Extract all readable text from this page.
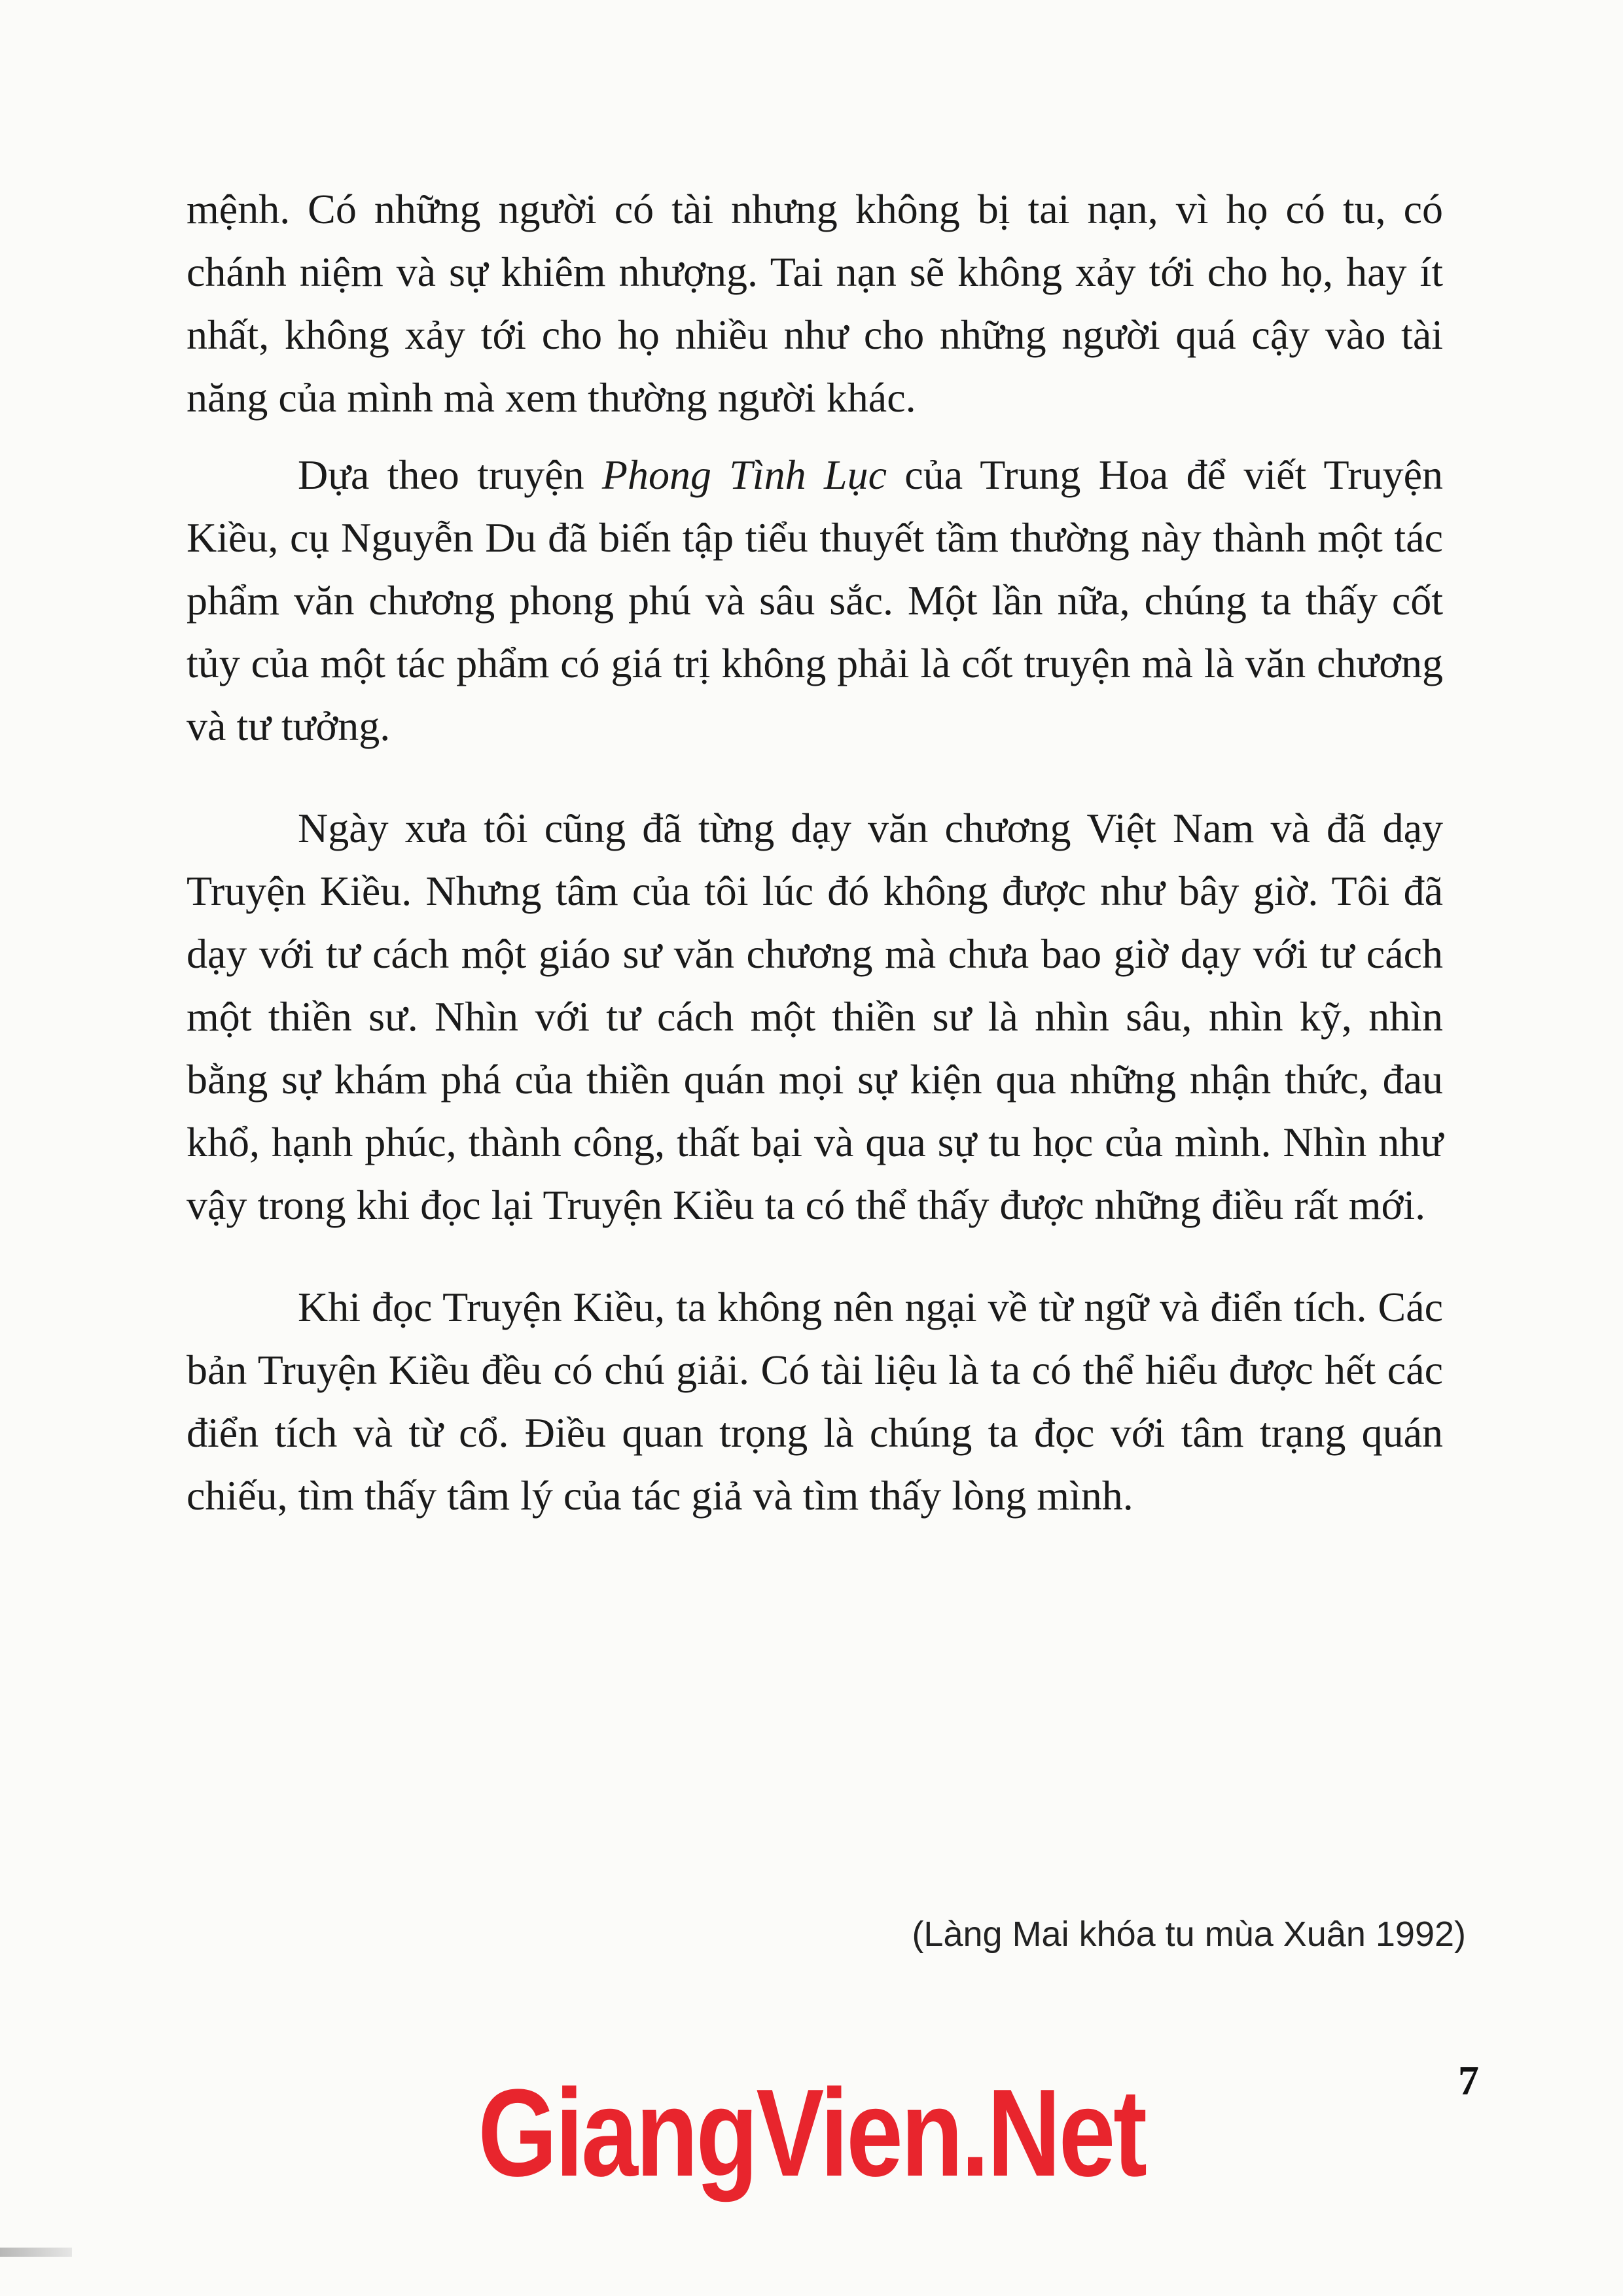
mệnh. Có những người có tài nhưng không bị tai nạn, vì họ có tu, có chánh niệm và sự khiêm nhượng. Tai nạn sẽ không xảy tới cho họ, hay ít nhất, không xảy tới cho họ nhiều như cho những người quá cậy vào tài năng của mình mà xem thường người khác.

Dựa theo truyện Phong Tình Lục của Trung Hoa để viết Truyện Kiều, cụ Nguyễn Du đã biến tập tiểu thuyết tầm thường này thành một tác phẩm văn chương phong phú và sâu sắc. Một lần nữa, chúng ta thấy cốt tủy của một tác phẩm có giá trị không phải là cốt truyện mà là văn chương và tư tưởng.

Ngày xưa tôi cũng đã từng dạy văn chương Việt Nam và đã dạy Truyện Kiều. Nhưng tâm của tôi lúc đó không được như bây giờ. Tôi đã dạy với tư cách một giáo sư văn chương mà chưa bao giờ dạy với tư cách một thiền sư. Nhìn với tư cách một thiền sư là nhìn sâu, nhìn kỹ, nhìn bằng sự khám phá của thiền quán mọi sự kiện qua những nhận thức, đau khổ, hạnh phúc, thành công, thất bại và qua sự tu học của mình. Nhìn như vậy trong khi đọc lại Truyện Kiều ta có thể thấy được những điều rất mới.

Khi đọc Truyện Kiều, ta không nên ngại về từ ngữ và điển tích. Các bản Truyện Kiều đều có chú giải. Có tài liệu là ta có thể hiểu được hết các điển tích và từ cổ. Điều quan trọng là chúng ta đọc với tâm trạng quán chiếu, tìm thấy tâm lý của tác giả và tìm thấy lòng mình.

(Làng Mai khóa tu mùa Xuân 1992)
7
GiangVien.Net
